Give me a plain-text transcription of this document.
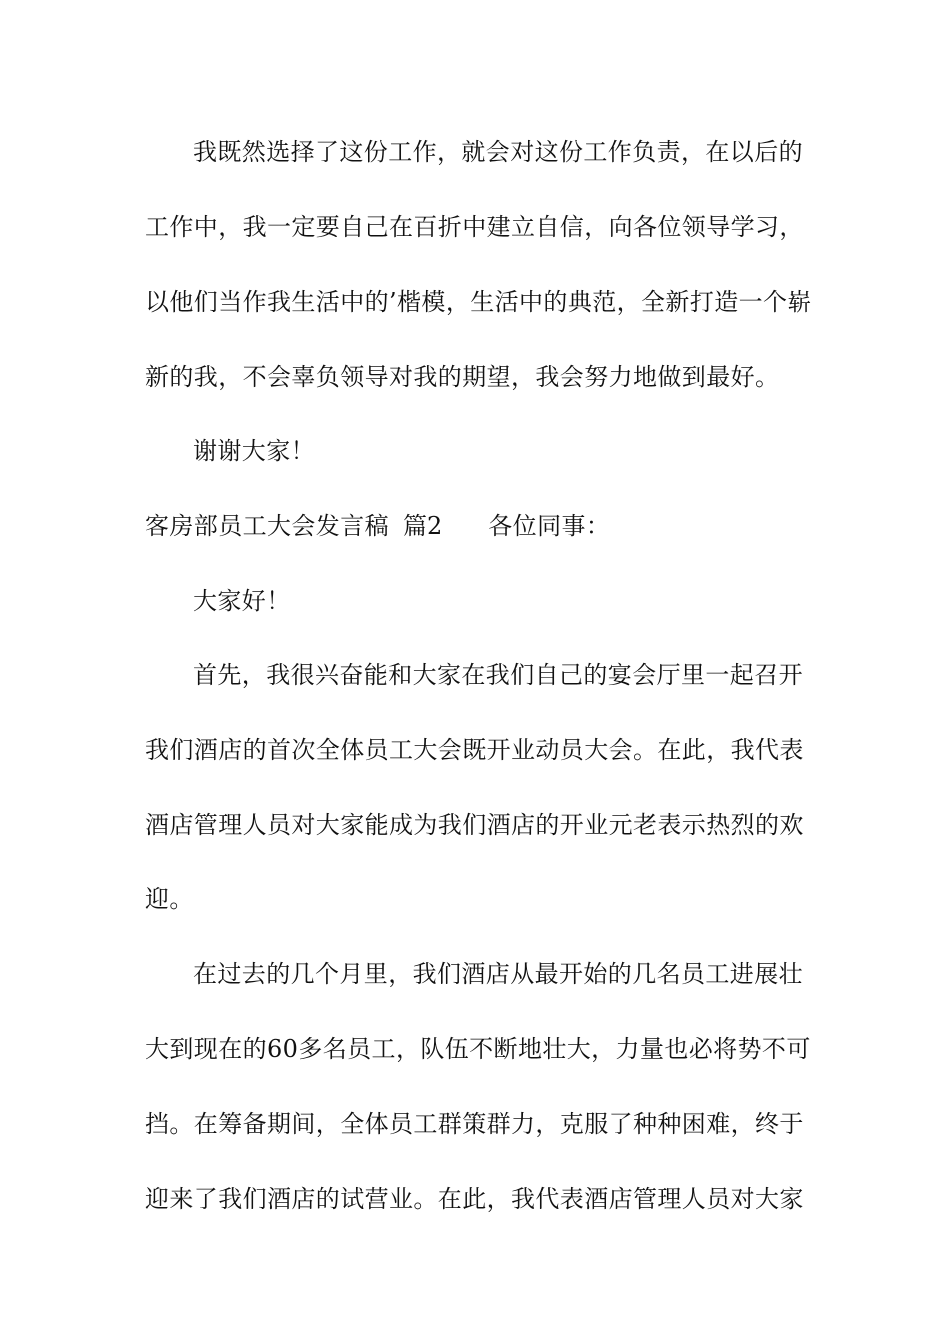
我既然选择了这份工作，就会对这份工作负责，在以后的
工作中，我一定要自己在百折中建立自信，向各位领导学习，
以他们当作我生活中的’楷模，生活中的典范，全新打造一个崭
新的我，不会辜负领导对我的期望，我会努力地做到最好。
谢谢大家！
客房部员工大会发言稿 篇2 各位同事：
大家好！
首先，我很兴奋能和大家在我们自己的宴会厅里一起召开
我们酒店的首次全体员工大会既开业动员大会。在此，我代表
酒店管理人员对大家能成为我们酒店的开业元老表示热烈的欢
迎。
在过去的几个月里，我们酒店从最开始的几名员工进展壮
大到现在的60多名员工，队伍不断地壮大，力量也必将势不可
挡。在筹备期间，全体员工群策群力，克服了种种困难，终于
迎来了我们酒店的试营业。在此，我代表酒店管理人员对大家
